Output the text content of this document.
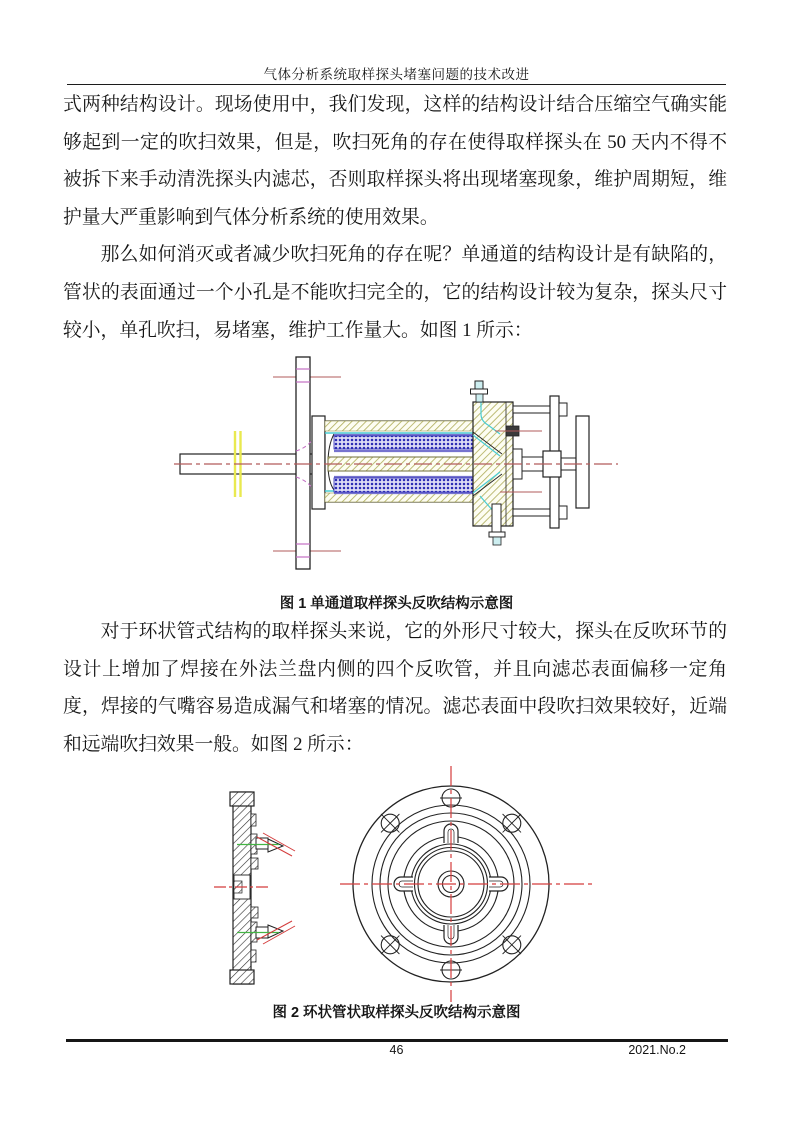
气体分析系统取样探头堵塞问题的技术改进

式两种结构设计。现场使用中，我们发现，这样的结构设计结合压缩空气确实能够起到一定的吹扫效果，但是，吹扫死角的存在使得取样探头在 50 天内不得不被拆下来手动清洗探头内滤芯，否则取样探头将出现堵塞现象，维护周期短，维护量大严重影响到气体分析系统的使用效果。

那么如何消灭或者减少吹扫死角的存在呢？单通道的结构设计是有缺陷的，管状的表面通过一个小孔是不能吹扫完全的，它的结构设计较为复杂，探头尺寸较小，单孔吹扫，易堵塞，维护工作量大。如图 1 所示：

图 1 单通道取样探头反吹结构示意图

对于环状管式结构的取样探头来说，它的外形尺寸较大，探头在反吹环节的设计上增加了焊接在外法兰盘内侧的四个反吹管，并且向滤芯表面偏移一定角度，焊接的气嘴容易造成漏气和堵塞的情况。滤芯表面中段吹扫效果较好，近端和远端吹扫效果一般。如图 2 所示：

图 2 环状管状取样探头反吹结构示意图
46	2021.No.2
